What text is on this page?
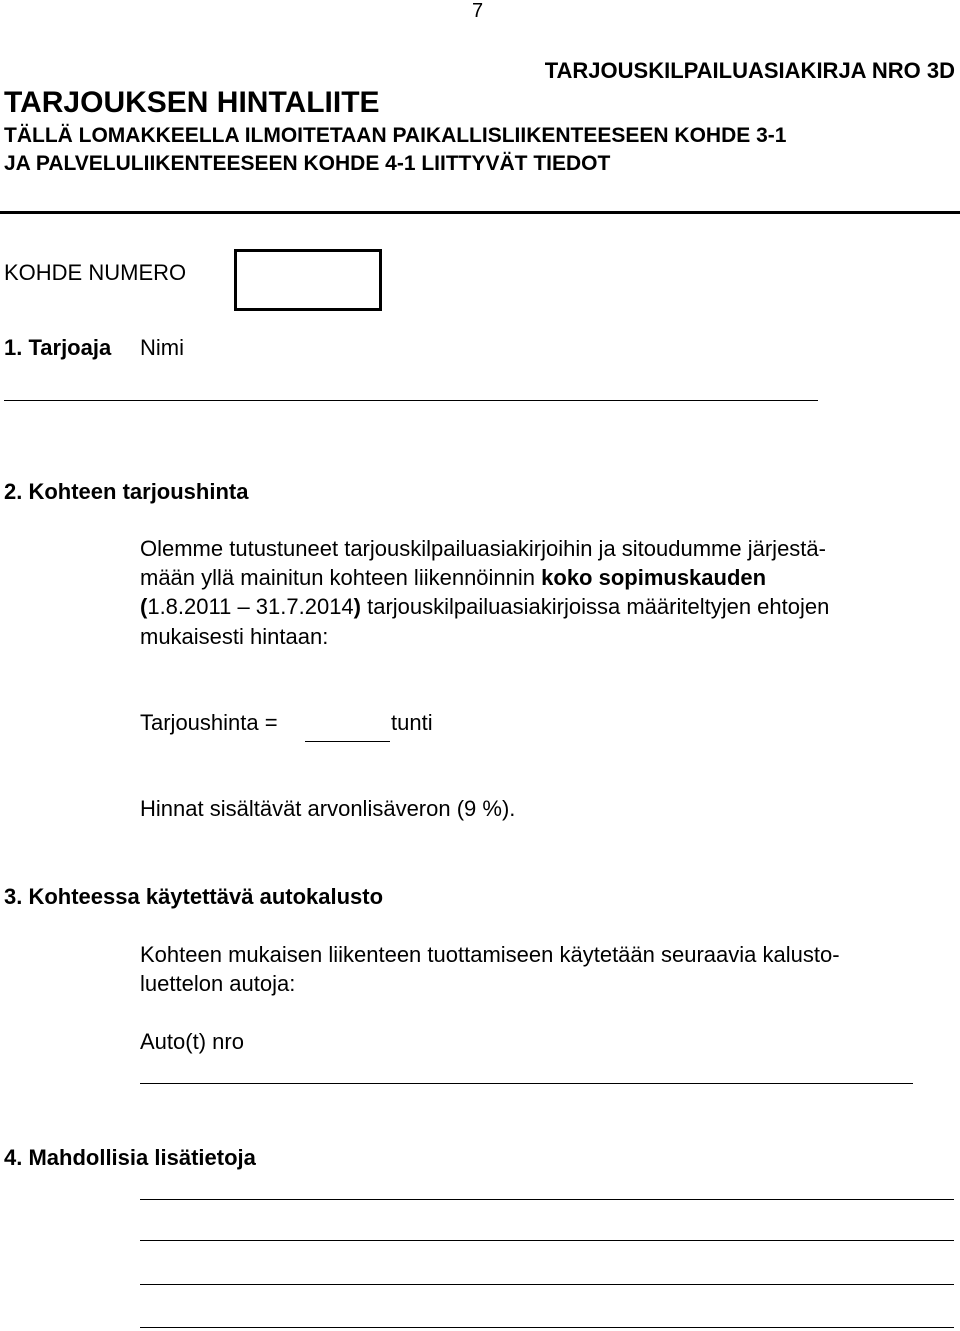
7
TARJOUSKILPAILUASIAKIRJA NRO 3D
TARJOUKSEN HINTALIITE
TÄLLÄ LOMAKKEELLA ILMOITETAAN PAIKALLISLIIKENTEESEEN KOHDE 3-1
JA PALVELULIIKENTEESEEN KOHDE 4-1 LIITTYVÄT TIEDOT
KOHDE NUMERO
1. Tarjoaja Nimi
2. Kohteen tarjoushinta
Olemme tutustuneet tarjouskilpailuasiakirjoihin ja sitoudumme järjestä-
mään yllä mainitun kohteen liikennöinnin koko sopimuskauden
(1.8.2011 – 31.7.2014) tarjouskilpailuasiakirjoissa määriteltyjen ehtojen
mukaisesti hintaan:
Tarjoushinta =	tunti
Hinnat sisältävät arvonlisäveron (9 %).
3. Kohteessa käytettävä autokalusto
Kohteen mukaisen liikenteen tuottamiseen käytetään seuraavia kalusto-
luettelon autoja:
Auto(t) nro
4. Mahdollisia lisätietoja
